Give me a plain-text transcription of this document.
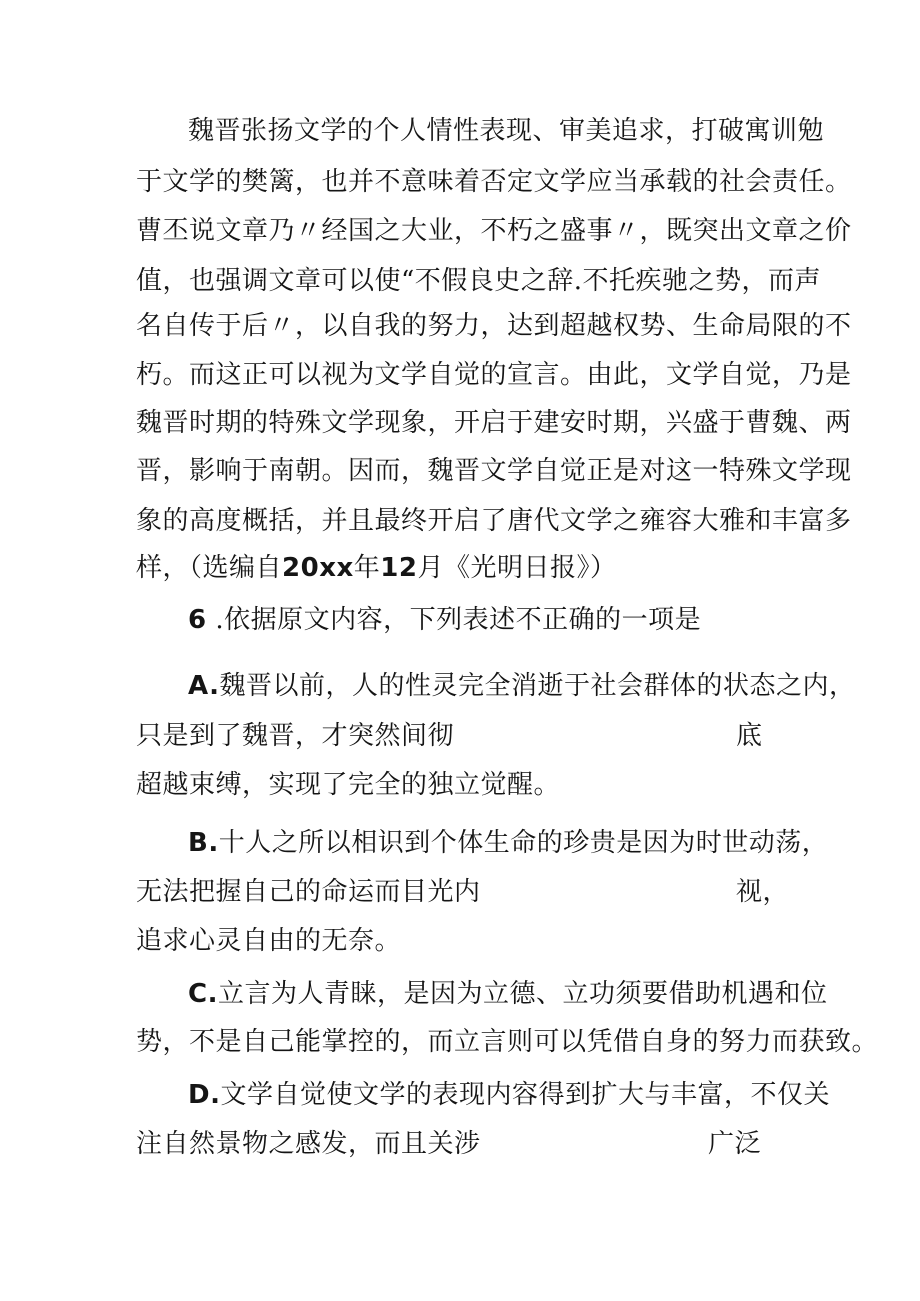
魏晋张扬文学的个人情性表现、审美追求，打破寓训勉
于文学的樊篱，也并不意味着否定文学应当承载的社会责任。
曹丕说文章乃〃经国之大业，不朽之盛事〃，既突出文章之价
值，也强调文章可以使“不假良史之辞.不托疾驰之势，而声
名自传于后〃，以自我的努力，达到超越权势、生命局限的不
朽。而这正可以视为文学自觉的宣言。由此，文学自觉，乃是
魏晋时期的特殊文学现象，开启于建安时期，兴盛于曹魏、两
晋，影响于南朝。因而，魏晋文学自觉正是对这一特殊文学现
象的高度概括，并且最终开启了唐代文学之雍容大雅和丰富多
样，（选编自20xx年12月《光明日报》）
6 .依据原文内容，下列表述不正确的一项是
A.魏晋以前，人的性灵完全消逝于社会群体的状态之内，
只是到了魏晋，才突然间彻	底
超越束缚，实现了完全的独立觉醒。
B.十人之所以相识到个体生命的珍贵是因为时世动荡，
无法把握自己的命运而目光内	视，
追求心灵自由的无奈。
C.立言为人青睐，是因为立德、立功须要借助机遇和位
势，不是自己能掌控的，而立言则可以凭借自身的努力而获致。
D.文学自觉使文学的表现内容得到扩大与丰富，不仅关
注自然景物之感发，而且关涉	广泛
